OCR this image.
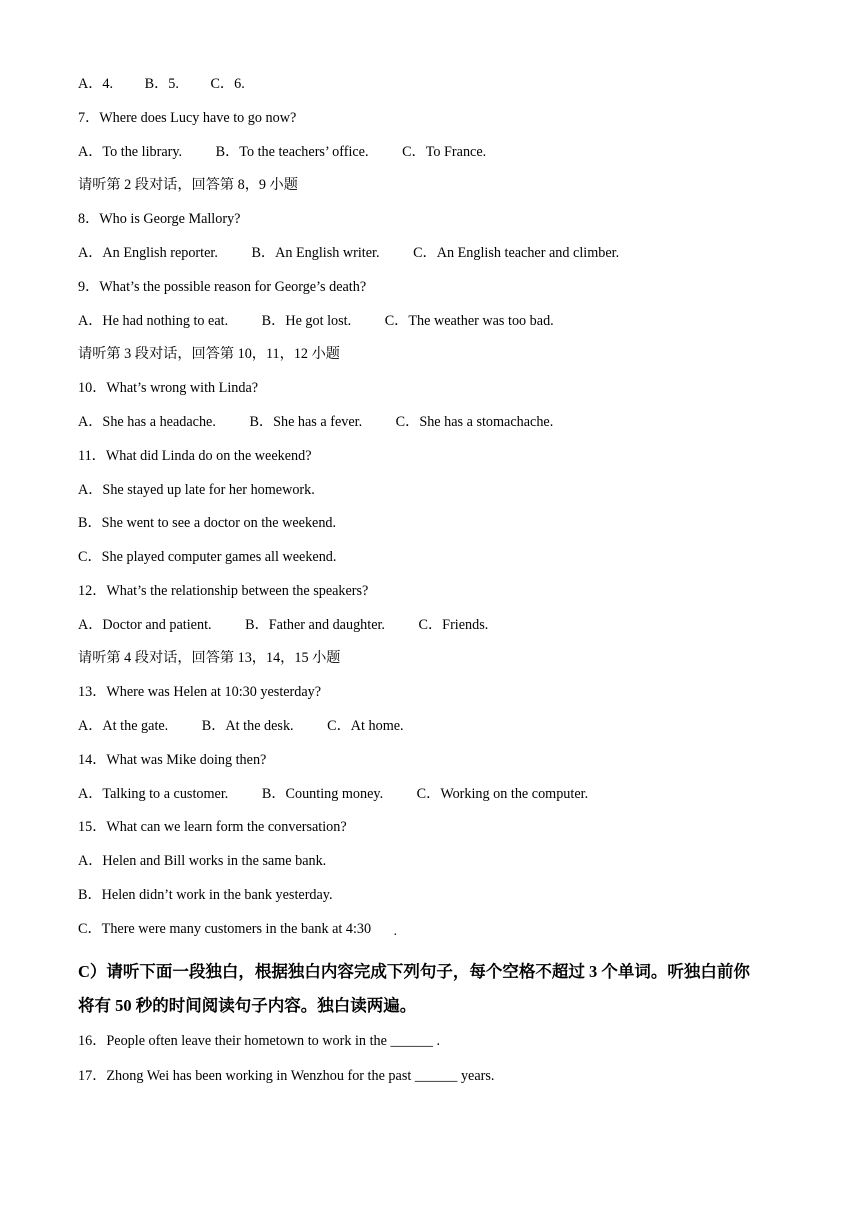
A．4. B．5. C．6.
7．Where does Lucy have to go now?
A．To the library. B．To the teachers’ office. C．To France.
请听第 2 段对话，回答第 8，9 小题
8．Who is George Mallory?
A．An English reporter. B．An English writer. C．An English teacher and climber.
9．What’s the possible reason for George’s death?
A．He had nothing to eat. B．He got lost. C．The weather was too bad.
请听第 3 段对话，回答第 10，11，12 小题
10．What’s wrong with Linda?
A．She has a headache. B．She has a fever. C．She has a stomachache.
11．What did Linda do on the weekend?
A．She stayed up late for her homework.
B．She went to see a doctor on the weekend.
C．She played computer games all weekend.
12．What’s the relationship between the speakers?
A．Doctor and patient. B．Father and daughter. C．Friends.
请听第 4 段对话，回答第 13，14，15 小题
13．Where was Helen at 10:30 yesterday?
A．At the gate. B．At the desk. C．At home.
14．What was Mike doing then?
A．Talking to a customer. B．Counting money. C．Working on the computer.
15．What can we learn form the conversation?
A．Helen and Bill works in the same bank.
B．Helen didn’t work in the bank yesterday.
C．There were many customers in the bank at 4:30 ·
C）请听下面一段独白，根据独白内容完成下列句子，每个空格不超过 3 个单词。听独白前你
将有 50 秒的时间阅读句子内容。独白读两遍。
16．People often leave their hometown to work in the ______ .
17．Zhong Wei has been working in Wenzhou for the past ______ years.
